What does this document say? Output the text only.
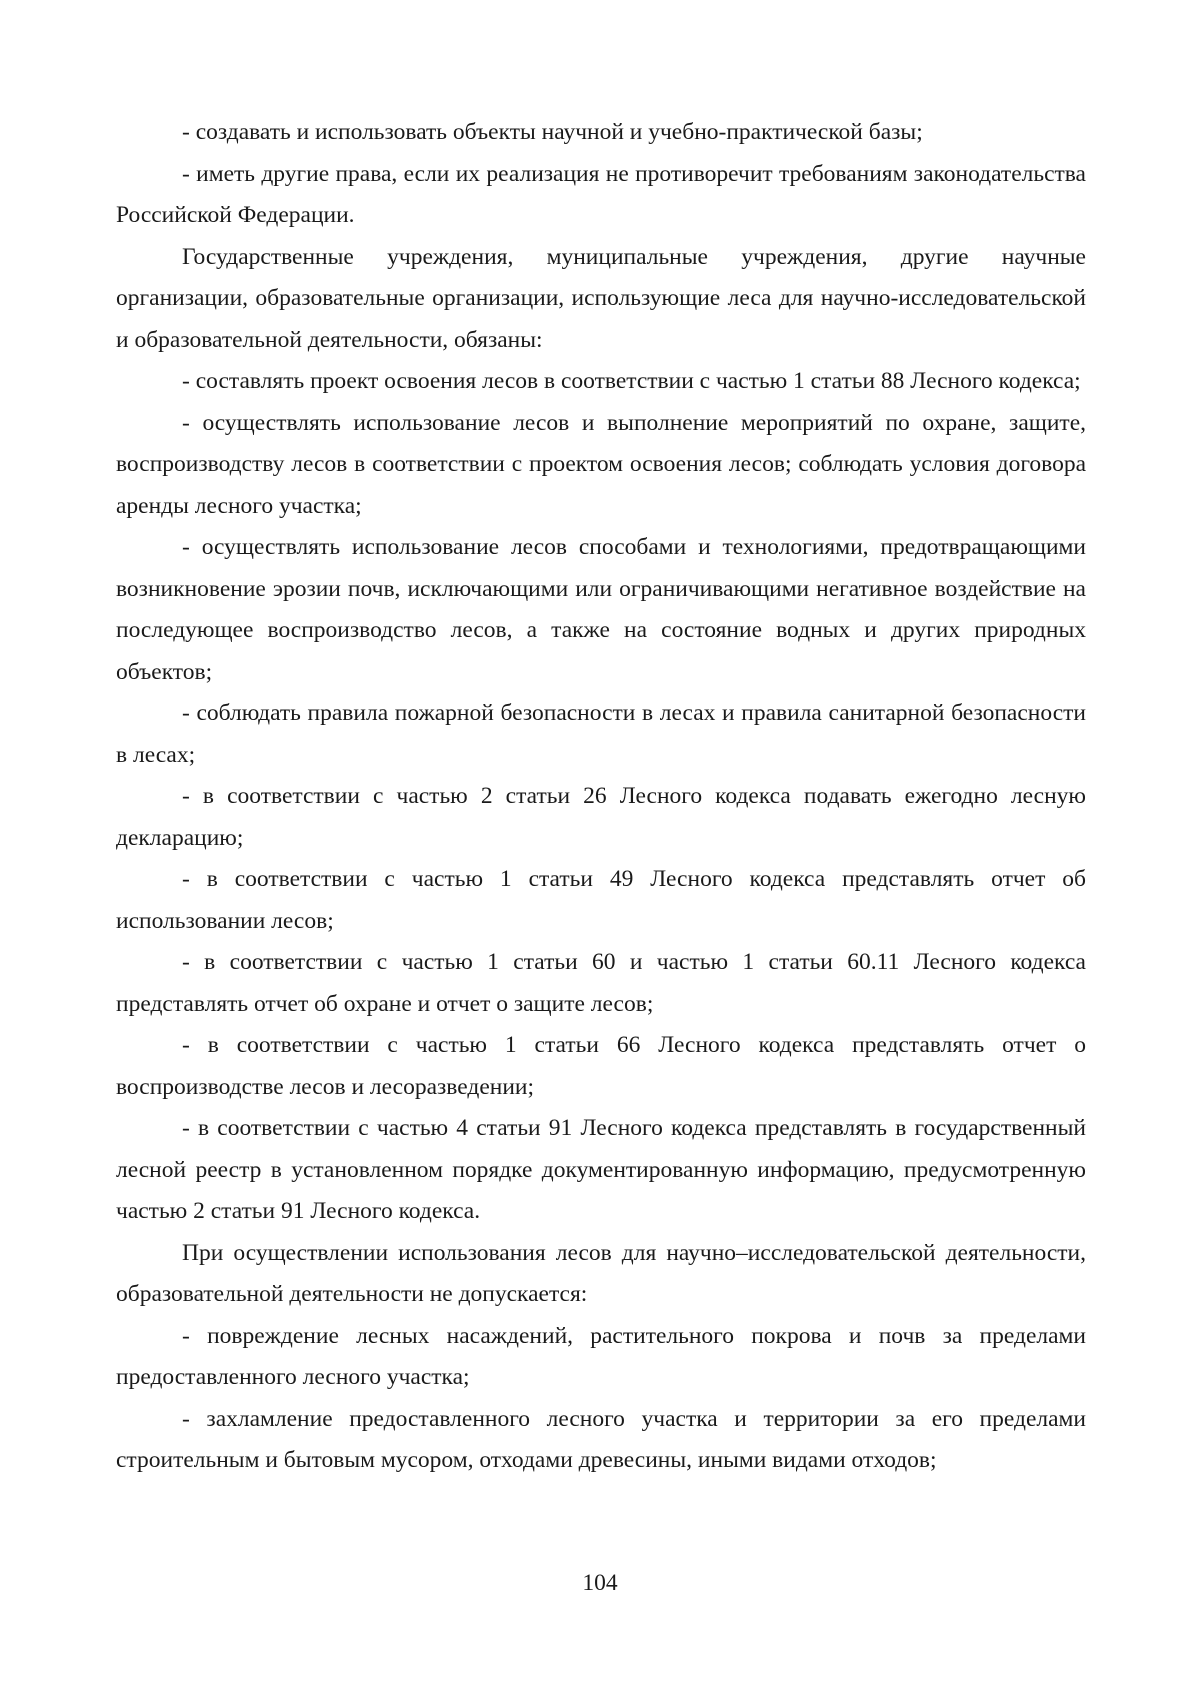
- создавать и использовать объекты научной и учебно-практической базы;

- иметь другие права, если их реализация не противоречит требованиям законодательства Российской Федерации.

Государственные учреждения, муниципальные учреждения, другие научные организации, образовательные организации, использующие леса для научно-исследовательской и образовательной деятельности, обязаны:

- составлять проект освоения лесов в соответствии с частью 1 статьи 88 Лесного кодекса;

- осуществлять использование лесов и выполнение мероприятий по охране, защите, воспроизводству лесов в соответствии с проектом освоения лесов; соблюдать условия договора аренды лесного участка;

- осуществлять использование лесов способами и технологиями, предотвращающими возникновение эрозии почв, исключающими или ограничивающими негативное воздействие на последующее воспроизводство лесов, а также на состояние водных и других природных объектов;

- соблюдать правила пожарной безопасности в лесах и правила санитарной безопасности в лесах;

- в соответствии с частью 2 статьи 26 Лесного кодекса подавать ежегодно лесную декларацию;

- в соответствии с частью 1 статьи 49 Лесного кодекса представлять отчет об использовании лесов;

- в соответствии с частью 1 статьи 60 и частью 1 статьи 60.11 Лесного кодекса представлять отчет об охране и отчет о защите лесов;

- в соответствии с частью 1 статьи 66 Лесного кодекса представлять отчет о воспроизводстве лесов и лесоразведении;

- в соответствии с частью 4 статьи 91 Лесного кодекса представлять в государственный лесной реестр в установленном порядке документированную информацию, предусмотренную частью 2 статьи 91 Лесного кодекса.

При осуществлении использования лесов для научно–исследовательской деятельности, образовательной деятельности не допускается:

- повреждение лесных насаждений, растительного покрова и почв за пределами предоставленного лесного участка;

- захламление предоставленного лесного участка и территории за его пределами строительным и бытовым мусором, отходами древесины, иными видами отходов;

104
